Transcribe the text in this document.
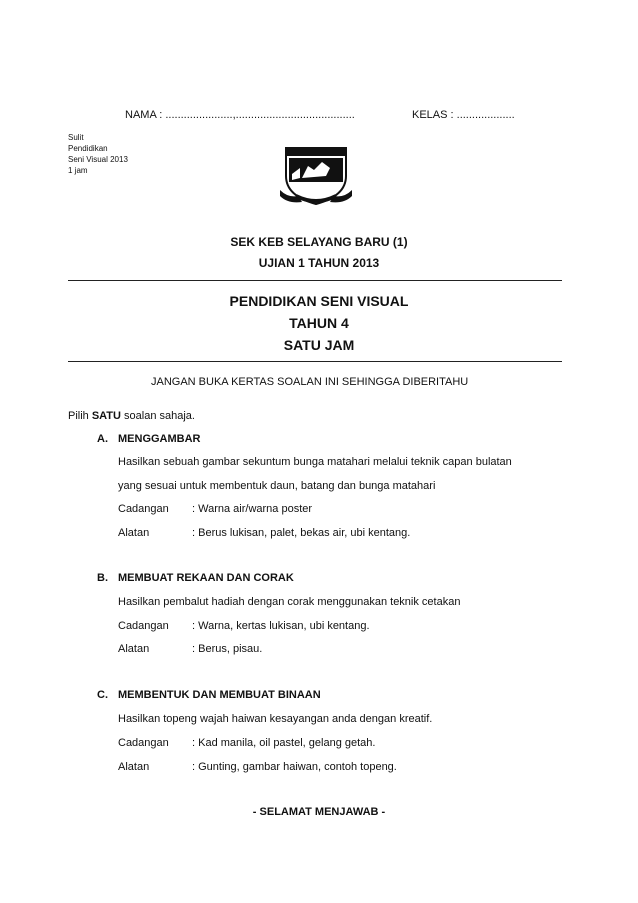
NAMA : ......................,.......................................	KELAS : ...................
Sulit
Pendidikan
Seni Visual 2013
1 jam
SEK KEB SELAYANG BARU (1)
UJIAN 1 TAHUN 2013
PENDIDIKAN SENI VISUAL
TAHUN 4
SATU JAM
JANGAN BUKA KERTAS SOALAN INI SEHINGGA DIBERITAHU
Pilih SATU soalan sahaja.
A. MENGGAMBAR
Hasilkan sebuah gambar sekuntum bunga matahari melalui teknik capan bulatan
yang sesuai untuk membentuk daun, batang dan bunga matahari
Cadangan : Warna air/warna poster
Alatan	: Berus lukisan, palet, bekas air, ubi kentang.
B. MEMBUAT REKAAN DAN CORAK
Hasilkan pembalut hadiah dengan corak menggunakan teknik cetakan
Cadangan : Warna, kertas lukisan, ubi kentang.
Alatan	: Berus, pisau.
C. MEMBENTUK DAN MEMBUAT BINAAN
Hasilkan topeng wajah haiwan kesayangan anda dengan kreatif.
Cadangan : Kad manila, oil pastel, gelang getah.
Alatan	: Gunting, gambar haiwan, contoh topeng.
- SELAMAT MENJAWAB -
